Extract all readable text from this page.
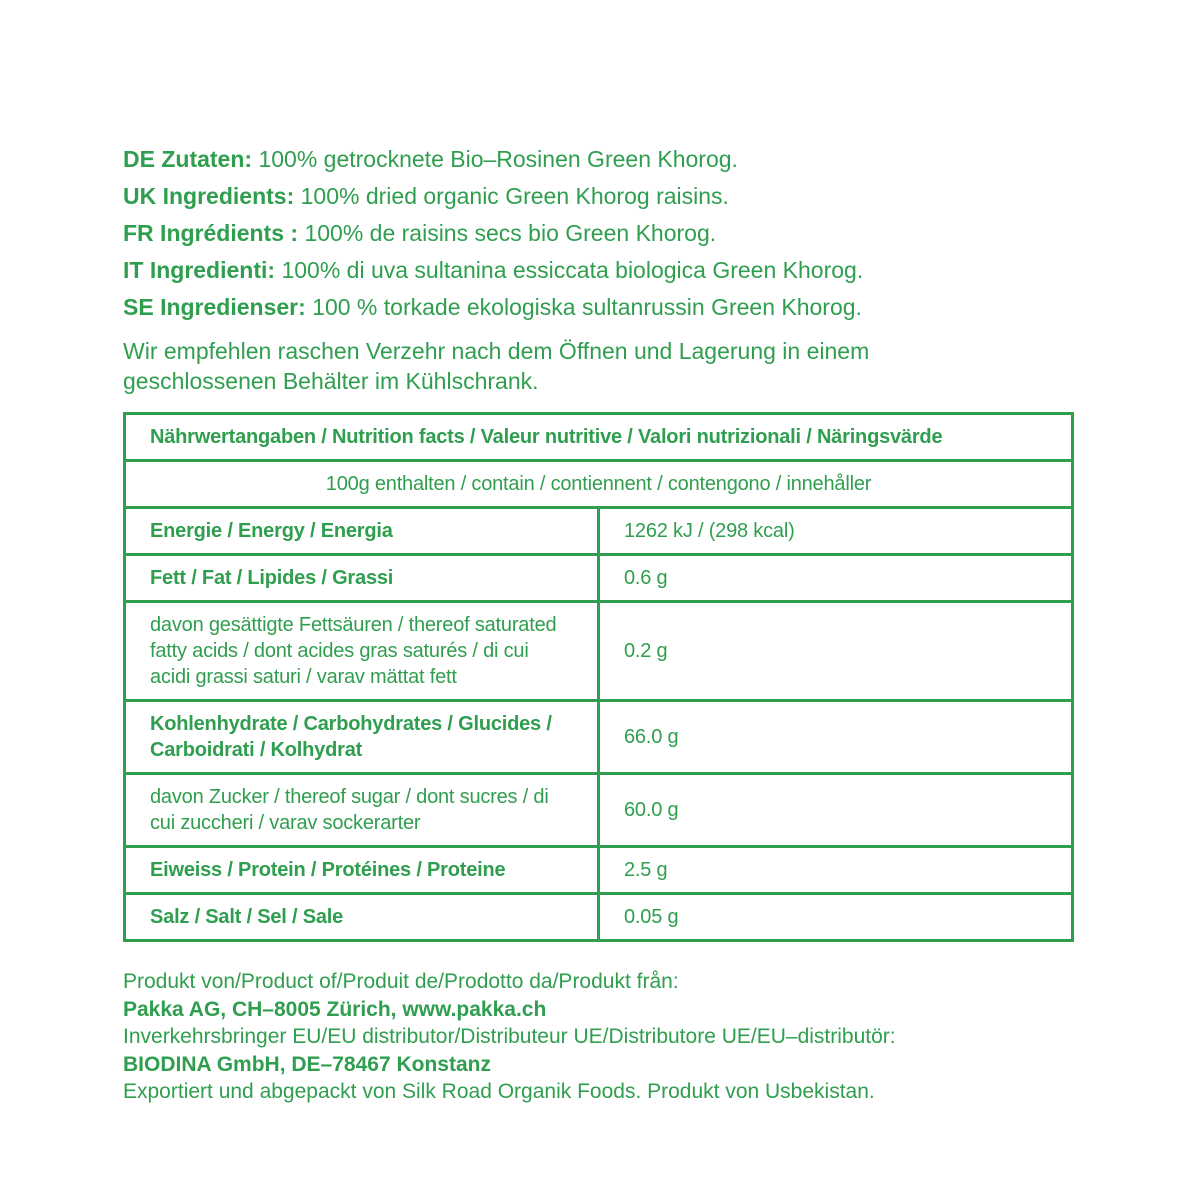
DE Zutaten: 100% getrocknete Bio–Rosinen Green Khorog.
UK Ingredients: 100% dried organic Green Khorog raisins.
FR Ingrédients : 100% de raisins secs bio Green Khorog.
IT Ingredienti: 100% di uva sultanina essiccata biologica Green Khorog.
SE Ingredienser: 100 % torkade ekologiska sultanrussin Green Khorog.
Wir empfehlen raschen Verzehr nach dem Öffnen und Lagerung in einem geschlossenen Behälter im Kühlschrank.
Nährwertangaben / Nutrition facts / Valeur nutritive / Valori nutrizionali / Näringsvärde	
100g enthalten / contain / contiennent / contengono / innehåller	
Energie / Energy / Energia	1262 kJ / (298 kcal)
Fett / Fat / Lipides / Grassi	0.6 g
davon gesättigte Fettsäuren / thereof saturated fatty acids / dont acides gras saturés / di cui acidi grassi saturi / varav mättat fett	0.2 g
Kohlenhydrate / Carbohydrates / Glucides / Carboidrati / Kolhydrat	66.0 g
davon Zucker / thereof sugar / dont sucres / di cui zuccheri / varav sockerarter	60.0 g
Eiweiss / Protein / Protéines / Proteine	2.5 g
Salz / Salt / Sel / Sale	0.05 g
Produkt von/Product of/Produit de/Prodotto da/Produkt från:
Pakka AG, CH–8005 Zürich, www.pakka.ch
Inverkehrsbringer EU/EU distributor/Distributeur UE/Distributore UE/EU–distributör:
BIODINA GmbH, DE–78467 Konstanz
Exportiert und abgepackt von Silk Road Organik Foods. Produkt von Usbekistan.
